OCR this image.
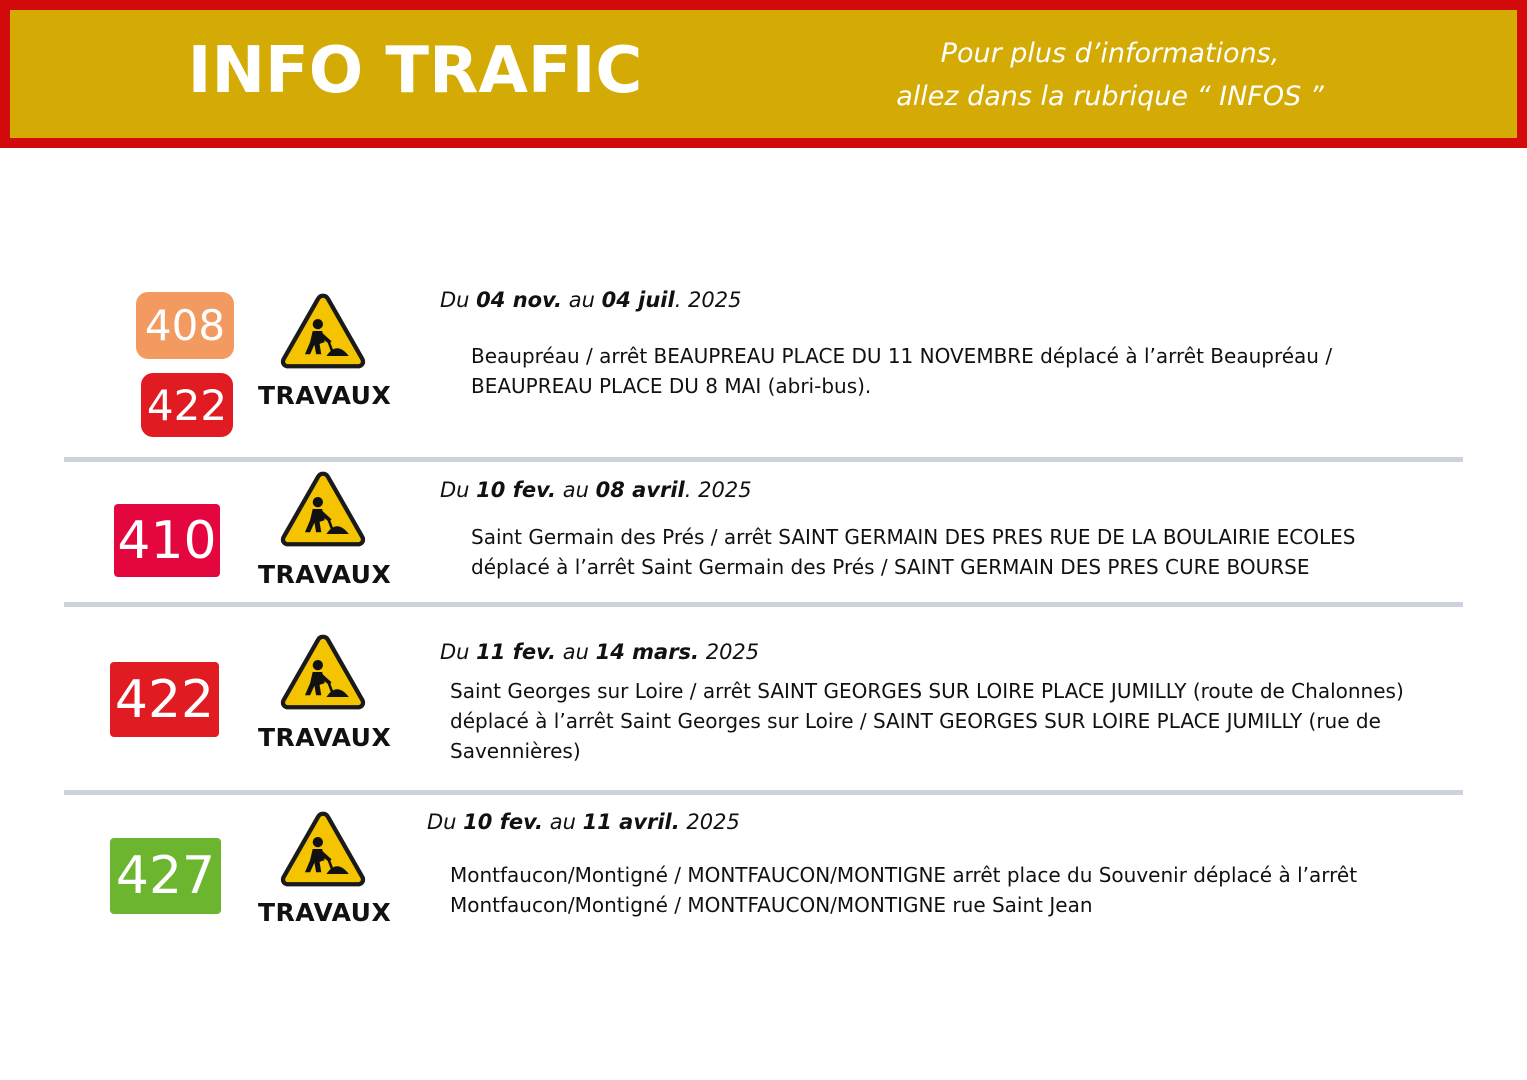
INFO TRAFIC	Pour plus d’informations,
allez dans la rubrique “ INFOS ”
408
422 TRAVAUX
Du 04 nov. au 04 juil. 2025
Beaupréau / arrêt BEAUPREAU PLACE DU 11 NOVEMBRE déplacé à l’arrêt Beaupréau / BEAUPREAU PLACE DU 8 MAI (abri-bus).
410
TRAVAUX
Du 10 fev. au 08 avril. 2025
Saint Germain des Prés / arrêt SAINT GERMAIN DES PRES RUE DE LA BOULAIRIE ECOLES déplacé à l’arrêt Saint Germain des Prés / SAINT GERMAIN DES PRES CURE BOURSE
422
TRAVAUX
Du 11 fev. au 14 mars. 2025
Saint Georges sur Loire / arrêt SAINT GEORGES SUR LOIRE PLACE JUMILLY (route de Chalonnes) déplacé à l’arrêt Saint Georges sur Loire / SAINT GEORGES SUR LOIRE PLACE JUMILLY (rue de Savennières)
427
TRAVAUX
Du 10 fev. au 11 avril. 2025
Montfaucon/Montigné / MONTFAUCON/MONTIGNE arrêt place du Souvenir déplacé à l’arrêt Montfaucon/Montigné / MONTFAUCON/MONTIGNE rue Saint Jean
